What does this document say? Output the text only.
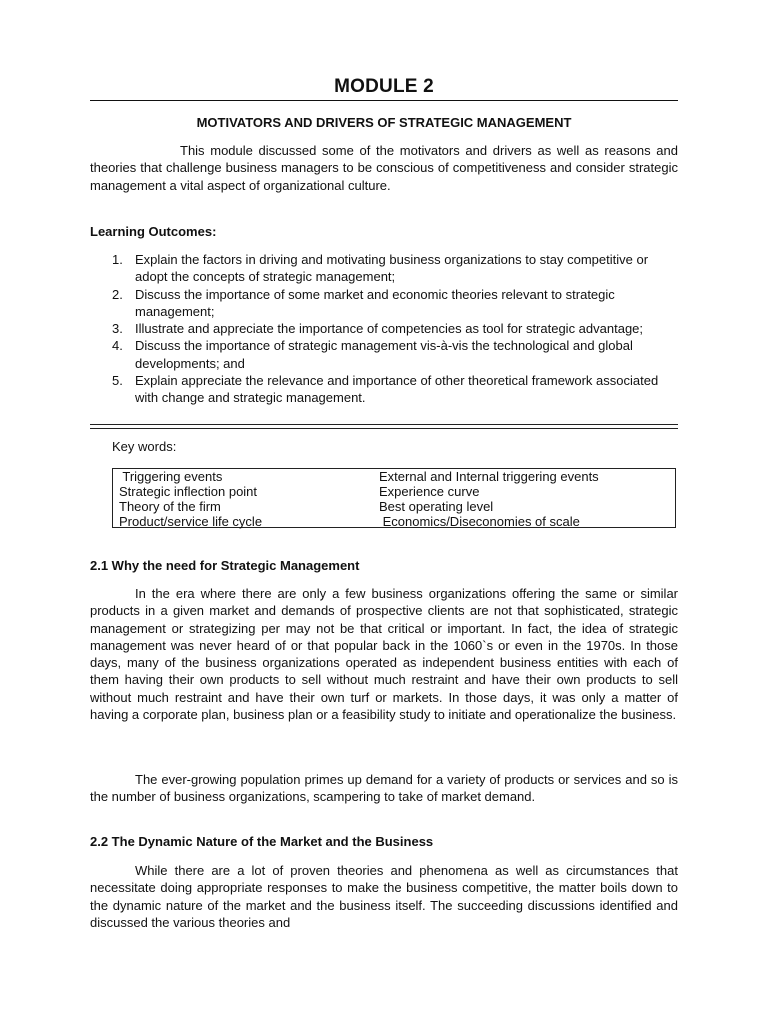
MODULE 2
MOTIVATORS AND DRIVERS OF STRATEGIC MANAGEMENT
This module discussed some of the motivators and drivers as well as reasons and theories that challenge business managers to be conscious of competitiveness and consider strategic management a vital aspect of organizational culture.
Learning Outcomes:
1. Explain the factors in driving and motivating business organizations to stay competitive or adopt the concepts of strategic management;
2. Discuss the importance of some market and economic theories relevant to strategic management;
3. Illustrate and appreciate the importance of competencies as tool for strategic advantage;
4. Discuss the importance of strategic management vis-à-vis the technological and global developments; and
5. Explain appreciate the relevance and importance of other theoretical framework associated with change and strategic management.
Key words:
Triggering events	External and Internal triggering events
Strategic inflection point	Experience curve
Theory of the firm	Best operating level
Product/service life cycle	Economics/Diseconomies of scale
2.1 Why the need for Strategic Management
In the era where there are only a few business organizations offering the same or similar products in a given market and demands of prospective clients are not that sophisticated, strategic management or strategizing per may not be that critical or important. In fact, the idea of strategic management was never heard of or that popular back in the 1060`s or even in the 1970s. In those days, many of the business organizations operated as independent business entities with each of them having their own products to sell without much restraint and have their own products to sell without much restraint and have their own turf or markets. In those days, it was only a matter of having a corporate plan, business plan or a feasibility study to initiate and operationalize the business.
The ever-growing population primes up demand for a variety of products or services and so is the number of business organizations, scampering to take of market demand.
2.2 The Dynamic Nature of the Market and the Business
While there are a lot of proven theories and phenomena as well as circumstances that necessitate doing appropriate responses to make the business competitive, the matter boils down to the dynamic nature of the market and the business itself. The succeeding discussions identified and discussed the various theories and
